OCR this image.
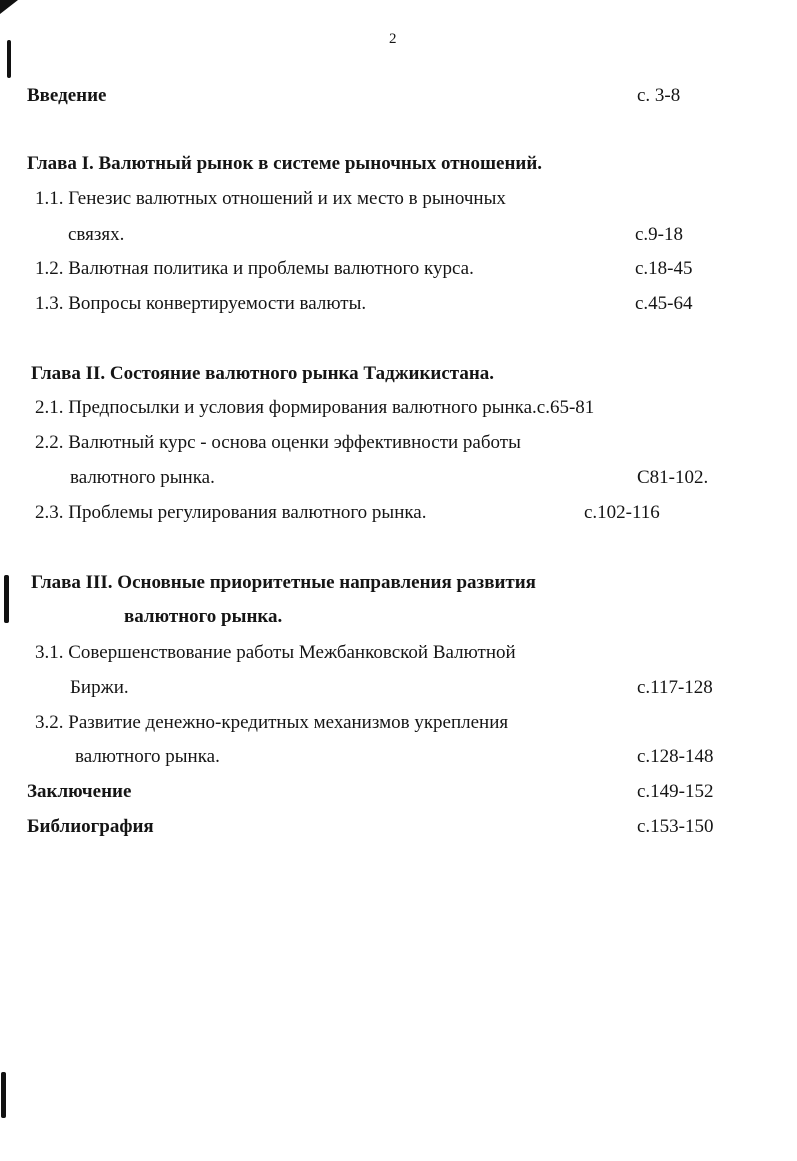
2
Введение	с. 3-8
Глава I. Валютный рынок в системе рыночных отношений.
1.1. Генезис валютных отношений и их место в рыночных
связях.	с.9-18
1.2. Валютная политика и проблемы валютного курса.	с.18-45
1.3. Вопросы конвертируемости валюты.	с.45-64
Глава II. Состояние валютного рынка Таджикистана.
2.1. Предпосылки и условия формирования валютного рынка.с.65-81
2.2. Валютный курс - основа оценки эффективности работы
валютного рынка.	С81-102.
2.3. Проблемы регулирования валютного рынка.	с.102-116
Глава III. Основные приоритетные направления развития
валютного рынка.
3.1. Совершенствование работы Межбанковской Валютной
Биржи.	с.117-128
3.2. Развитие денежно-кредитных механизмов укрепления
валютного рынка.	с.128-148
Заключение	с.149-152
Библиография	с.153-150
